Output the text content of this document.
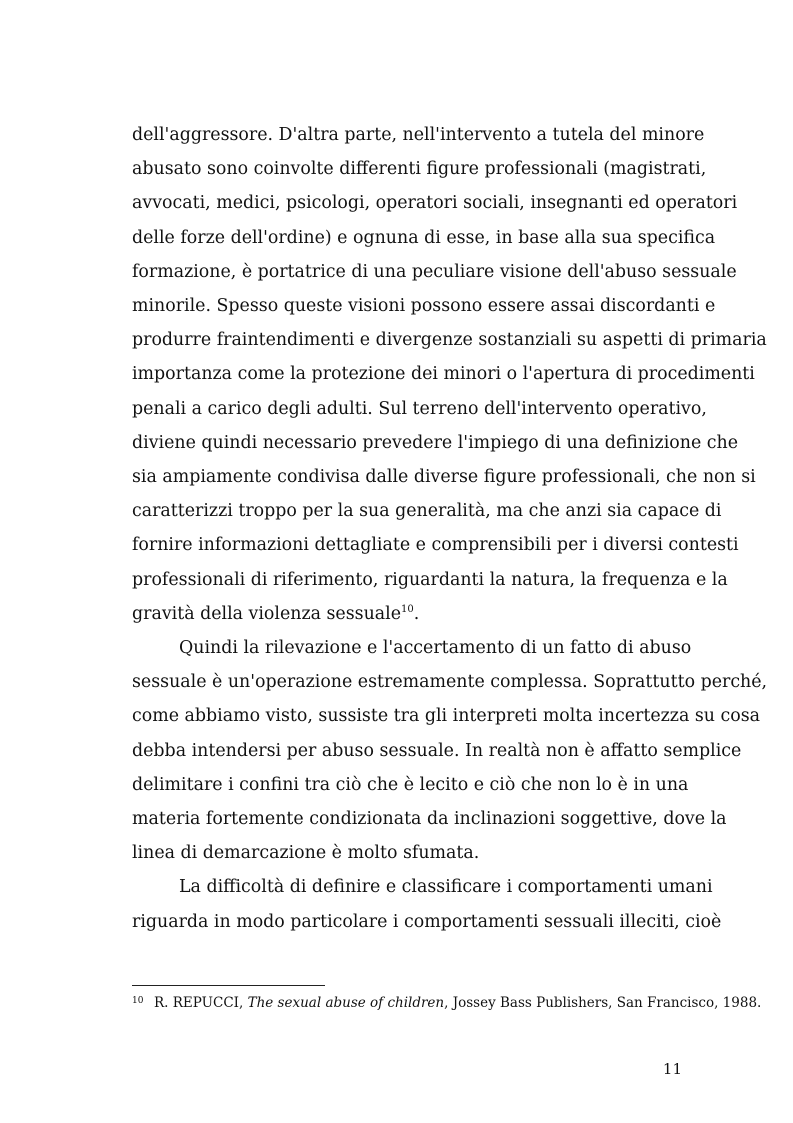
dell'aggressore. D'altra parte, nell'intervento a tutela del minore
abusato sono coinvolte differenti figure professionali (magistrati,
avvocati, medici, psicologi, operatori sociali, insegnanti ed operatori
delle forze dell'ordine) e ognuna di esse, in base alla sua specifica
formazione, è portatrice di una peculiare visione dell'abuso sessuale
minorile. Spesso queste visioni possono essere assai discordanti e
produrre fraintendimenti e divergenze sostanziali su aspetti di primaria
importanza come la protezione dei minori o l'apertura di procedimenti
penali a carico degli adulti. Sul terreno dell'intervento operativo,
diviene quindi necessario prevedere l'impiego di una definizione che
sia ampiamente condivisa dalle diverse figure professionali, che non si
caratterizzi troppo per la sua generalità, ma che anzi sia capace di
fornire informazioni dettagliate e comprensibili per i diversi contesti
professionali di riferimento, riguardanti la natura, la frequenza e la
gravità della violenza sessuale$^{10}$.
Quindi la rilevazione e l'accertamento di un fatto di abuso
sessuale è un'operazione estremamente complessa. Soprattutto perché,
come abbiamo visto, sussiste tra gli interpreti molta incertezza su cosa
debba intendersi per abuso sessuale. In realtà non è affatto semplice
delimitare i confini tra ciò che è lecito e ciò che non lo è in una
materia fortemente condizionata da inclinazioni soggettive, dove la
linea di demarcazione è molto sfumata.
La difficoltà di definire e classificare i comportamenti umani
riguarda in modo particolare i comportamenti sessuali illeciti, cioè
10 R. REPUCCI, The sexual abuse of children, Jossey Bass Publishers, San Francisco, 1988.
11
